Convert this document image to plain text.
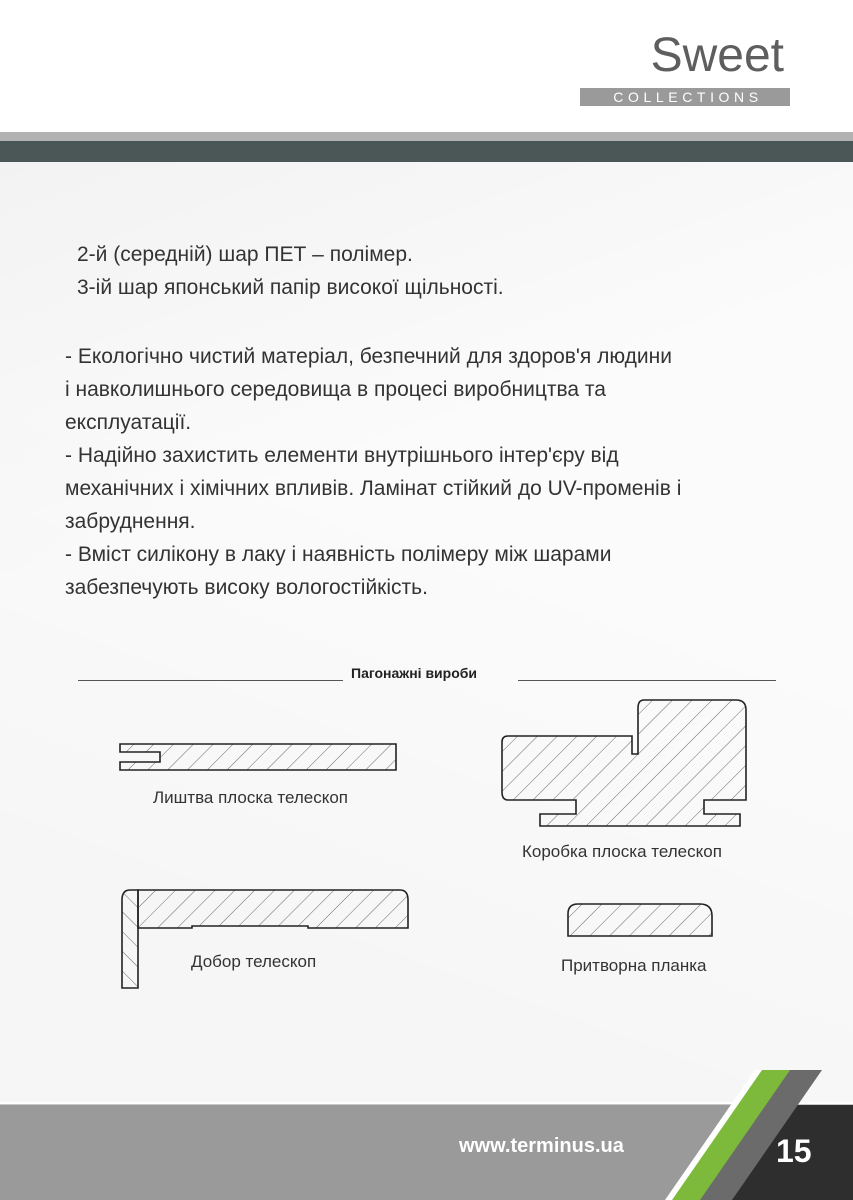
Sweet
COLLECTIONS

2-й (середній) шар ПЕТ – полімер.

3-ій шар японський папір високої щільності.

- Екологічно чистий матеріал, безпечний для здоров'я людини

і навколишнього середовища в процесі виробництва та

експлуатації.

- Надійно захистить елементи внутрішнього інтер'єру від

механічних і хімічних впливів. Ламінат стійкий до UV-променів і

забруднення.

- Вміст силікону в лаку і наявність полімеру між шарами

забезпечують високу вологостійкість.

Пагонажні вироби
Лиштва плоска телескоп
Коробка плоска телескоп
Добор телескоп	Притворна планка
www.terminus.ua	15
